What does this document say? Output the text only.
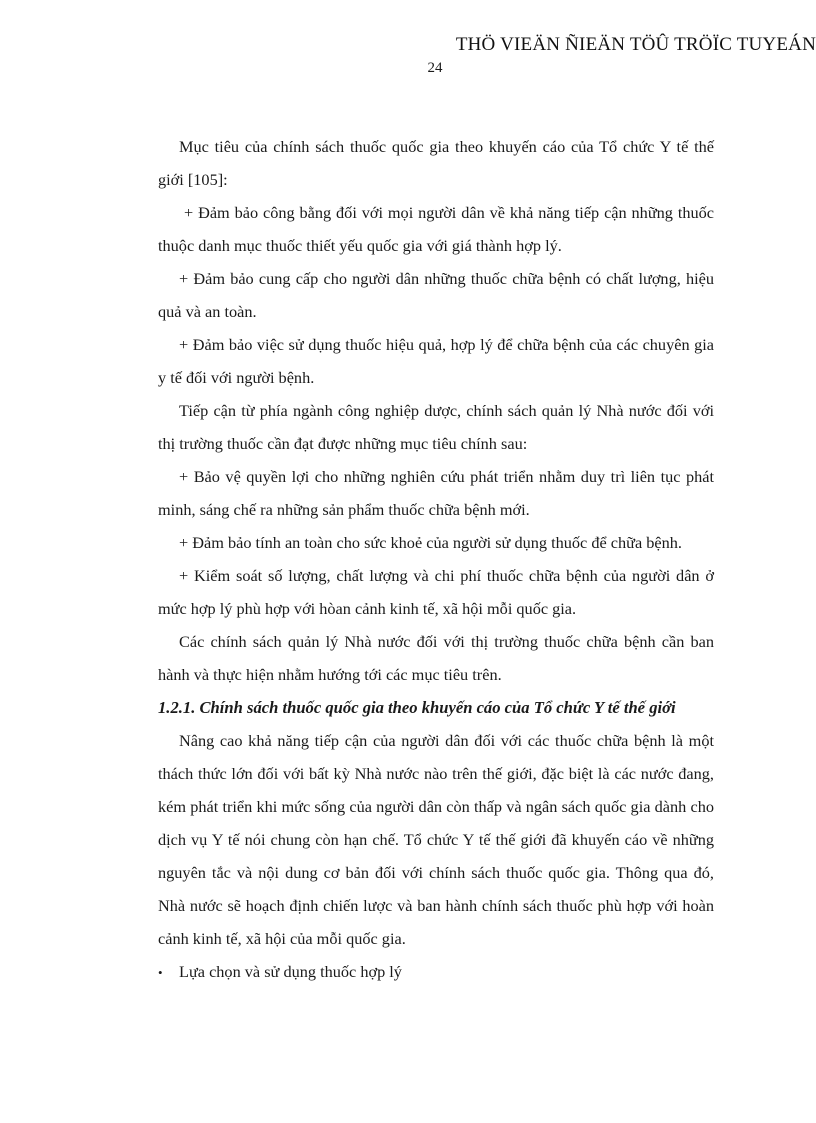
THÖ VIEÄN ÑIEÄN TÖÛ TRÖÏC TUYEÁN
24

Mục tiêu của chính sách thuốc quốc gia theo khuyến cáo của Tổ chức Y tế thế giới [105]:

+ Đảm bảo công bằng đối với mọi người dân về khả năng tiếp cận những thuốc thuộc danh mục thuốc thiết yếu quốc gia với giá thành hợp lý.

+ Đảm bảo cung cấp cho người dân những thuốc chữa bệnh có chất lượng, hiệu quả và an toàn.

+ Đảm bảo việc sử dụng thuốc hiệu quả, hợp lý để chữa bệnh của các chuyên gia y tế đối với người bệnh.

Tiếp cận từ phía ngành công nghiệp dược, chính sách quản lý Nhà nước đối với thị trường thuốc cần đạt được những mục tiêu chính sau:

+ Bảo vệ quyền lợi cho những nghiên cứu phát triển nhằm duy trì liên tục phát minh, sáng chế ra những sản phẩm thuốc chữa bệnh mới.

+ Đảm bảo tính an toàn cho sức khoẻ của người sử dụng thuốc để chữa bệnh.

+ Kiểm soát số lượng, chất lượng và chi phí thuốc chữa bệnh của người dân ở mức hợp lý phù hợp với hòan cảnh kinh tế, xã hội mỗi quốc gia.

Các chính sách quản lý Nhà nước đối với thị trường thuốc chữa bệnh cần ban hành và thực hiện nhằm hướng tới các mục tiêu trên.

1.2.1. Chính sách thuốc quốc gia theo khuyến cáo của Tổ chức Y tế thế giới

Nâng cao khả năng tiếp cận của người dân đối với các thuốc chữa bệnh là một thách thức lớn đối với bất kỳ Nhà nước nào trên thế giới, đặc biệt là các nước đang, kém phát triển khi mức sống của người dân còn thấp và ngân sách quốc gia dành cho dịch vụ Y tế nói chung còn hạn chế. Tổ chức Y tế thế giới đã khuyến cáo về những nguyên tắc và nội dung cơ bản đối với chính sách thuốc quốc gia. Thông qua đó, Nhà nước sẽ hoạch định chiến lược và ban hành chính sách thuốc phù hợp với hoàn cảnh kinh tế, xã hội của mỗi quốc gia.

•	Lựa chọn và sử dụng thuốc hợp lý
